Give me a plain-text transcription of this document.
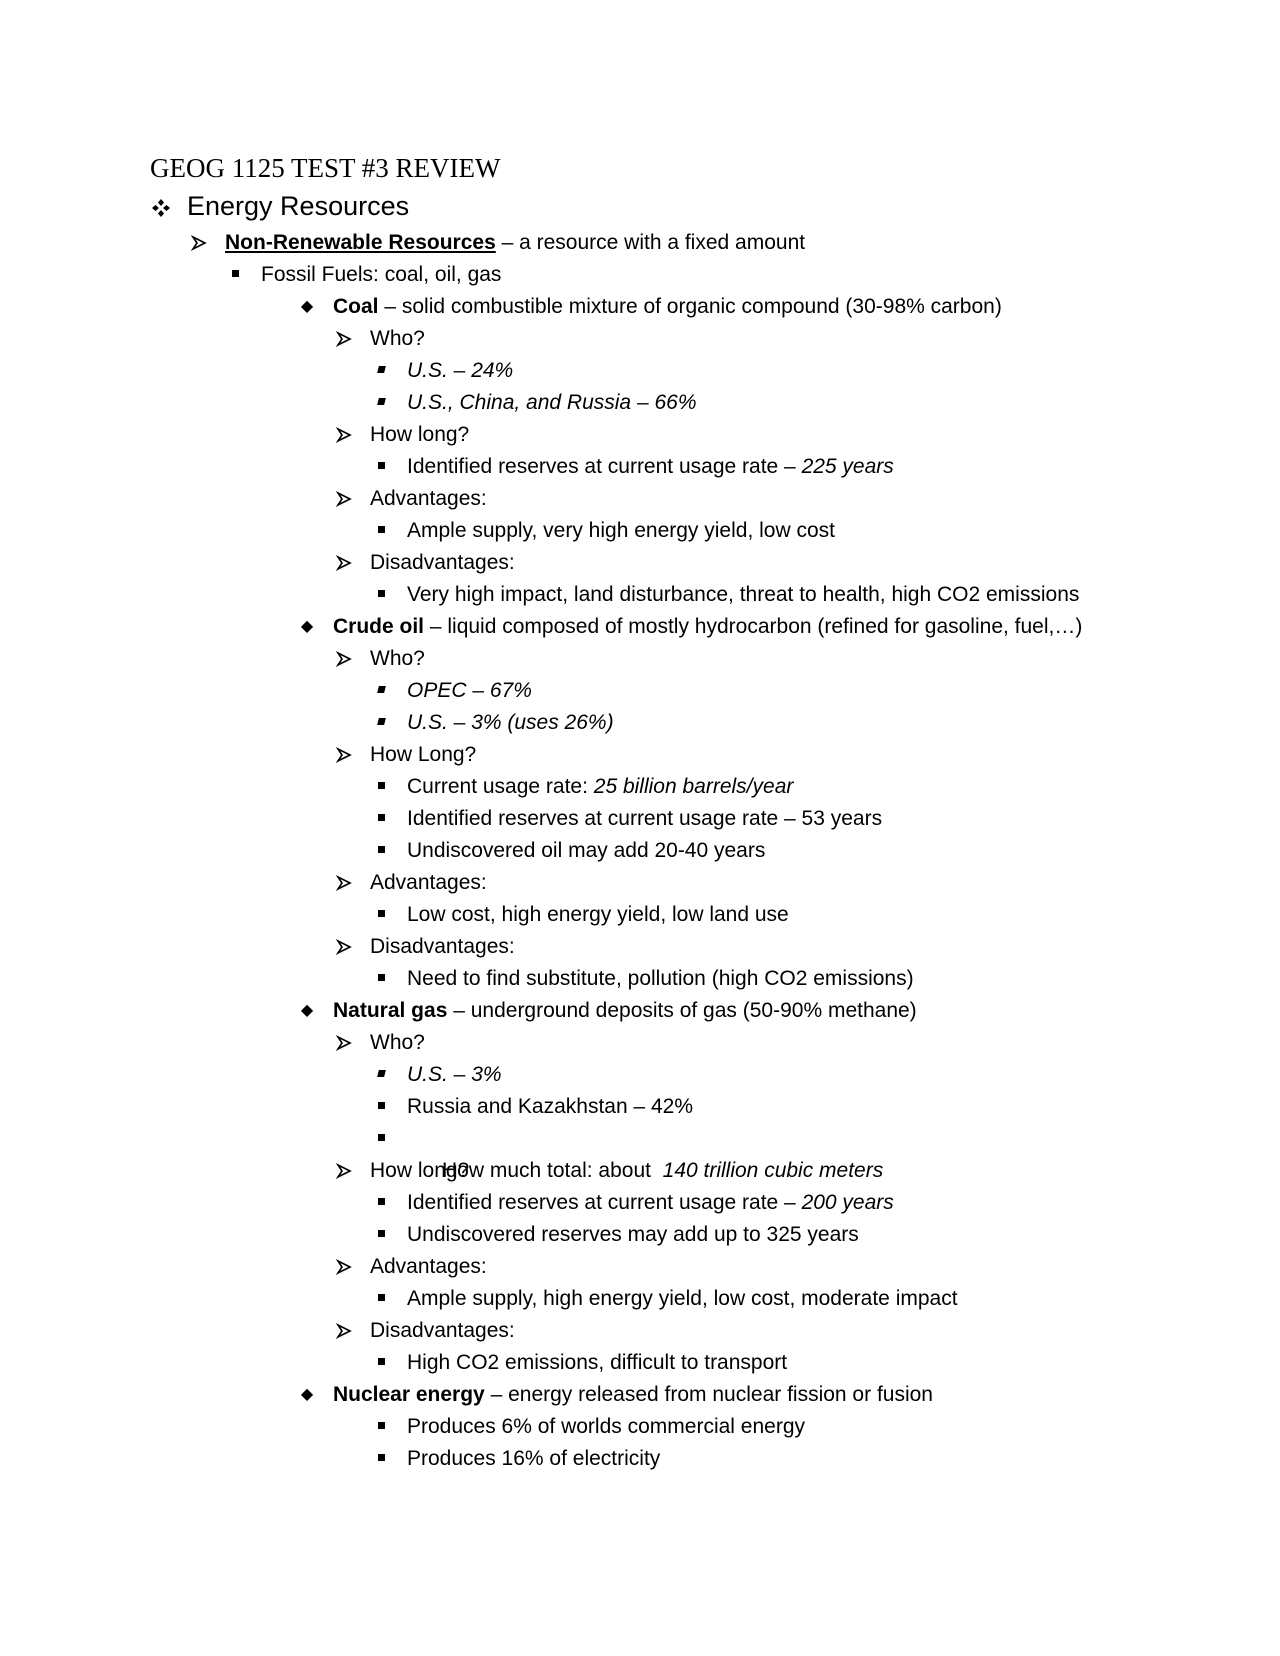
GEOG 1125 TEST #3 REVIEW
Energy Resources
Non-Renewable Resources – a resource with a fixed amount
Fossil Fuels: coal, oil, gas
◆ Coal – solid combustible mixture of organic compound (30-98% carbon)
Who?
U.S. – 24%
U.S., China, and Russia – 66%
How long?
Identified reserves at current usage rate – 225 years
Advantages:
Ample supply, very high energy yield, low cost
Disadvantages:
Very high impact, land disturbance, threat to health, high CO2 emissions
◆ Crude oil – liquid composed of mostly hydrocarbon (refined for gasoline, fuel,…)
Who?
OPEC – 67%
U.S. – 3% (uses 26%)
How Long?
Current usage rate: 25 billion barrels/year
Identified reserves at current usage rate – 53 years
Undiscovered oil may add 20-40 years
Advantages:
Low cost, high energy yield, low land use
Disadvantages:
Need to find substitute, pollution (high CO2 emissions)
◆ Natural gas – underground deposits of gas (50-90% methane)
Who?
U.S. – 3%
Russia and Kazakhstan – 42%

How much total: about  140 trillion cubic meters

How long?
Identified reserves at current usage rate – 200 years
Undiscovered reserves may add up to 325 years
Advantages:
Ample supply, high energy yield, low cost, moderate impact
Disadvantages:
High CO2 emissions, difficult to transport
◆ Nuclear energy – energy released from nuclear fission or fusion
Produces 6% of worlds commercial energy
Produces 16% of electricity
